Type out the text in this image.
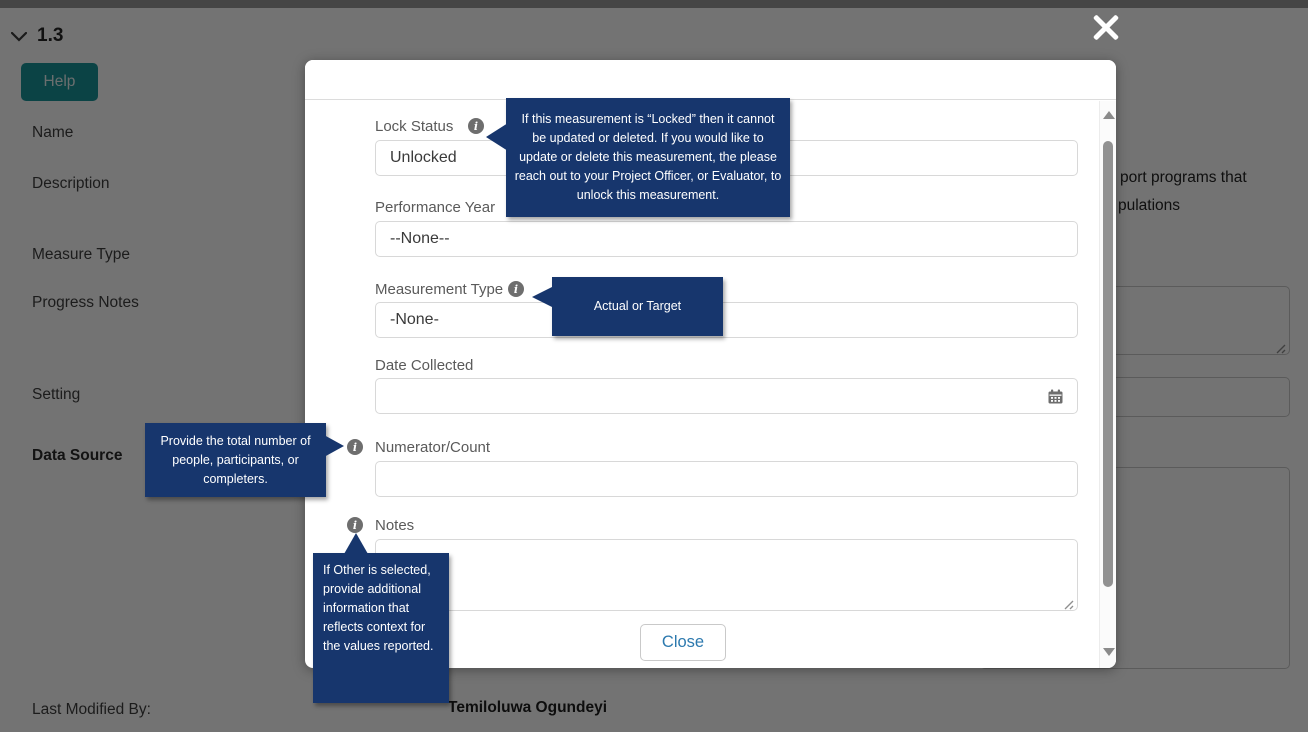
Lock Status	i
Unlocked
Performance Year
--None--
Measurement Type i
-None-
Date Collected
i	Numerator/Count
i	Notes
Close
If this measurement is “Locked” then it cannot be updated or deleted. If you would like to update or delete this measurement, the please reach out to your Project Officer, or Evaluator, to unlock this measurement.
Actual or Target
Provide the total number of people, participants, or completers.
If Other is selected, provide additional information that reflects context for the values reported.
